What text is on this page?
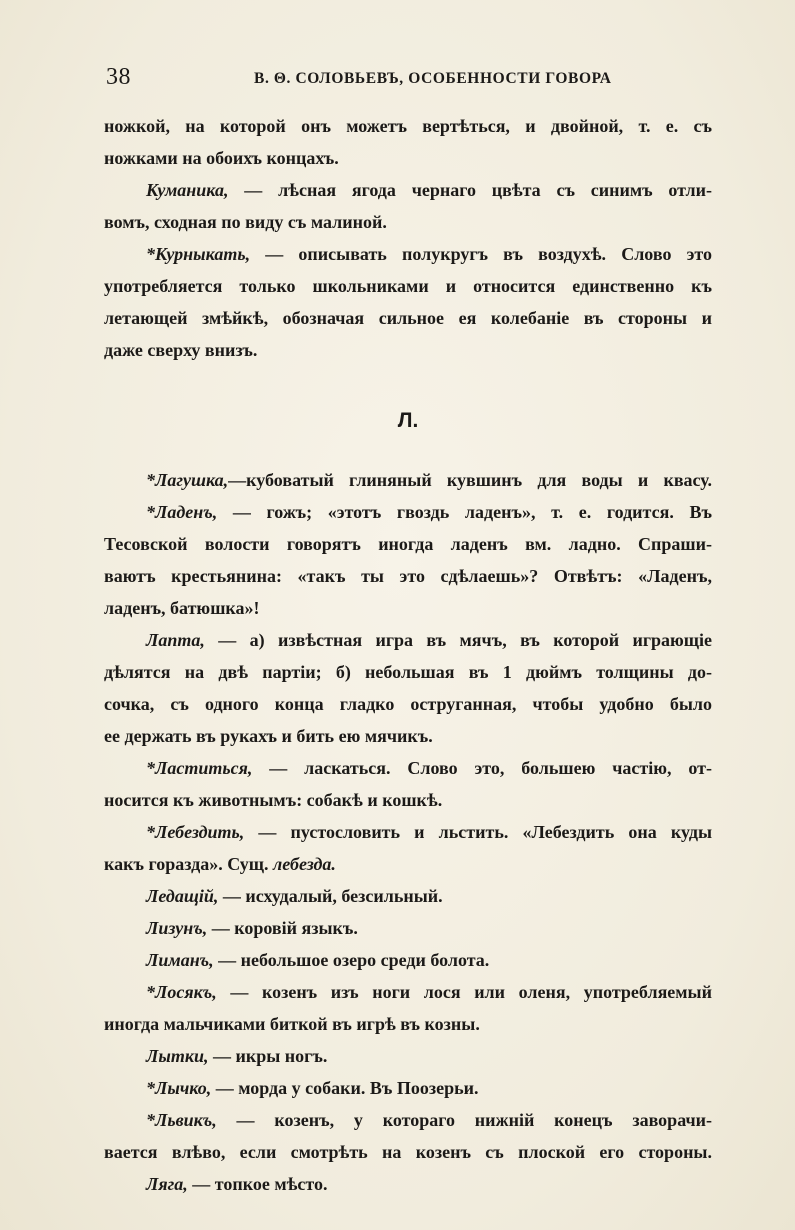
38	В. Θ. СОЛОВЬЕВЪ, ОСОБЕННОСТИ ГОВОРА
ножкой, на которой онъ можетъ вертѣться, и двойной, т. е. съ
ножками на обоихъ концахъ.
Куманика, — лѣсная ягода чернаго цвѣта съ синимъ отли-
вомъ, сходная по виду съ малиной.
*Курныкать, — описывать полукругъ въ воздухѣ. Слово это
употребляется только школьниками и относится единственно къ
летающей змѣйкѣ, обозначая сильное ея колебаніе въ стороны и
даже сверху внизъ.
Л.
*Лагушка,—кубоватый глиняный кувшинъ для воды и квасу.
*Ладенъ, — гожъ; «этотъ гвоздь ладенъ», т. е. годится. Въ
Тесовской волости говорятъ иногда ладенъ вм. ладно. Спраши-
ваютъ крестьянина: «такъ ты это сдѣлаешь»? Отвѣтъ: «Ладенъ,
ладенъ, батюшка»!
Лапта, — а) извѣстная игра въ мячъ, въ которой играющіе
дѣлятся на двѣ партіи; б) небольшая въ 1 дюймъ толщины до-
сочка, съ одного конца гладко оструганная, чтобы удобно было
ее держать въ рукахъ и бить ею мячикъ.
*Ластиться, — ласкаться. Слово это, большею частію, от-
носится къ животнымъ: собакѣ и кошкѣ.
*Лебездить, — пустословить и льстить. «Лебездить она куды
какъ горазда». Сущ. лебезда.
Ледащій, — исхудалый, безсильный.
Лизунъ, — коровій языкъ.
Лиманъ, — небольшое озеро среди болота.
*Лосякъ, — козенъ изъ ноги лося или оленя, употребляемый
иногда мальчиками биткой въ игрѣ въ козны.
Лытки, — икры ногъ.
*Лычко, — морда у собаки. Въ Поозерьи.
*Львикъ, — козенъ, у котораго нижній конецъ заворачи-
вается влѣво, если смотрѣть на козенъ съ плоской его стороны.
Ляга, — топкое мѣсто.
